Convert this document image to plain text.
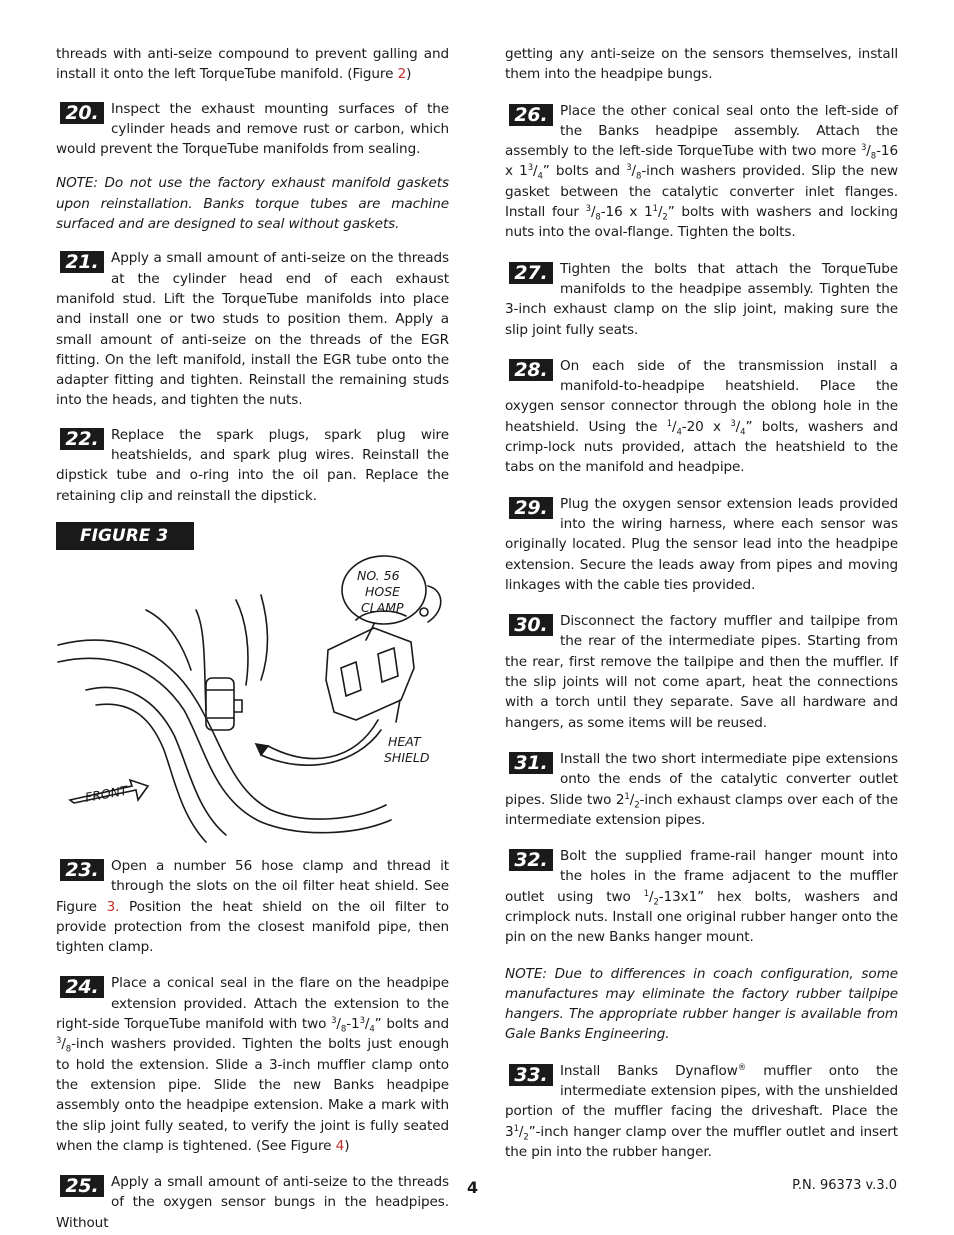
threads with anti-seize compound to prevent galling and install it onto the left TorqueTube manifold. (Figure 2)

20. Inspect the exhaust mounting surfaces of the cylinder heads and remove rust or carbon, which would prevent the TorqueTube manifolds from sealing.

NOTE: Do not use the factory exhaust manifold gaskets upon reinstallation. Banks torque tubes are machine surfaced and are designed to seal without gaskets.

21. Apply a small amount of anti-seize on the threads at the cylinder head end of each exhaust manifold stud. Lift the TorqueTube manifolds into place and install one or two studs to position them. Apply a small amount of anti-seize on the threads of the EGR fitting. On the left manifold, install the EGR tube onto the adapter fitting and tighten. Reinstall the remaining studs into the heads, and tighten the nuts.

22. Replace the spark plugs, spark plug wire heatshields, and spark plug wires. Reinstall the dipstick tube and o-ring into the oil pan. Replace the retaining clip and reinstall the dipstick.

FIGURE 3
NO. 56
HOSE
CLAMP
HEAT
SHIELD
FRONT

23. Open a number 56 hose clamp and thread it through the slots on the oil filter heat shield. See Figure 3. Position the heat shield on the oil filter to provide protection from the closest manifold pipe, then tighten clamp.

24. Place a conical seal in the flare on the headpipe extension provided. Attach the extension to the right-side TorqueTube manifold with two $^3/_8-1^3/_4$” bolts and $^3/_8$-inch washers provided. Tighten the bolts just enough to hold the extension. Slide a 3-inch muffler clamp onto the extension pipe. Slide the new Banks headpipe assembly onto the headpipe extension. Make a mark with the slip joint fully seated, to verify the joint is fully seated when the clamp is tightened. (See Figure 4)

25. Apply a small amount of anti-seize to the threads of the oxygen sensor bungs in the headpipes. Without

getting any anti-seize on the sensors themselves, install them into the headpipe bungs.

26. Place the other conical seal onto the left-side of the Banks headpipe assembly. Attach the assembly to the left-side TorqueTube with two more $^3/_8-16$ x $1^3/_4$” bolts and $^3/_8$-inch washers provided. Slip the new gasket between the catalytic converter inlet flanges. Install four $^3/_8-16$ x $1^1/_2$” bolts with washers and locking nuts into the oval-flange. Tighten the bolts.

27. Tighten the bolts that attach the TorqueTube manifolds to the headpipe assembly. Tighten the 3-inch exhaust clamp on the slip joint, making sure the slip joint fully seats.

28. On each side of the transmission install a manifold-to-headpipe heatshield. Place the oxygen sensor connector through the oblong hole in the heatshield. Using the $^1/_4-20$ x $^3/_4$” bolts, washers and crimp-lock nuts provided, attach the heatshield to the tabs on the manifold and headpipe.

29. Plug the oxygen sensor extension leads provided into the wiring harness, where each sensor was originally located. Plug the sensor lead into the headpipe extension. Secure the leads away from pipes and moving linkages with the cable ties provided.

30. Disconnect the factory muffler and tailpipe from the rear of the intermediate pipes. Starting from the rear, first remove the tailpipe and then the muffler. If the slip joints will not come apart, heat the connections with a torch until they separate. Save all hardware and hangers, as some items will be reused.

31. Install the two short intermediate pipe extensions onto the ends of the catalytic converter outlet pipes. Slide two $2^1/_2$-inch exhaust clamps over each of the intermediate extension pipes.

32. Bolt the supplied frame-rail hanger mount into the holes in the frame adjacent to the muffler outlet using two $^1/_2-13x1$” hex bolts, washers and crimplock nuts. Install one original rubber hanger onto the pin on the new Banks hanger mount.

NOTE: Due to differences in coach configuration, some manufactures may eliminate the factory rubber tailpipe hangers. The appropriate rubber hanger is available from Gale Banks Engineering.

33. Install Banks Dynaflow® muffler onto the intermediate extension pipes, with the unshielded portion of the muffler facing the driveshaft. Place the $3^1/_2$”-inch hanger clamp over the muffler outlet and insert the pin into the rubber hanger.

4	P.N. 96373 v.3.0
